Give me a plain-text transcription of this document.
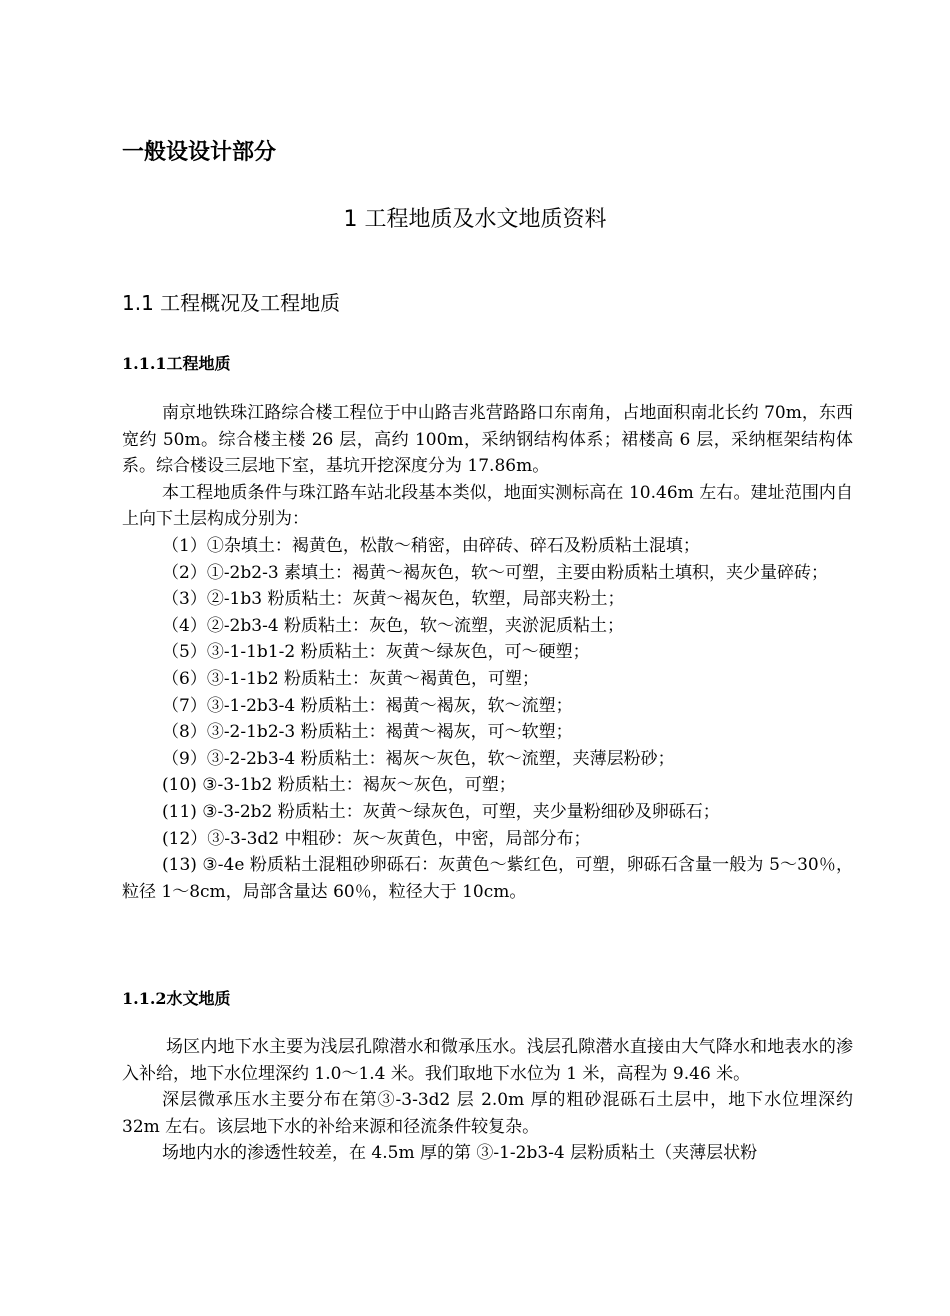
一般设设计部分
1 工程地质及水文地质资料
1.1 工程概况及工程地质
1.1.1工程地质

南京地铁珠江路综合楼工程位于中山路吉兆营路路口东南角，占地面积南北长约 70m，东西宽约 50m。综合楼主楼 26 层，高约 100m，采纳钢结构体系；裙楼高 6 层，采纳框架结构体系。综合楼设三层地下室，基坑开挖深度分为 17.86m。

本工程地质条件与珠江路车站北段基本类似，地面实测标高在 10.46m 左右。建址范围内自上向下土层构成分别为：

（1）①杂填土：褐黄色，松散～稍密，由碎砖、碎石及粉质粘土混填；

（2）①-2b2-3 素填土：褐黄～褐灰色，软～可塑，主要由粉质粘土填积，夹少量碎砖；

（3）②-1b3 粉质粘土：灰黄～褐灰色，软塑，局部夹粉土；

（4）②-2b3-4 粉质粘土：灰色，软～流塑，夹淤泥质粘土；

（5）③-1-1b1-2 粉质粘土：灰黄～绿灰色，可～硬塑；

（6）③-1-1b2 粉质粘土：灰黄～褐黄色，可塑；

（7）③-1-2b3-4 粉质粘土：褐黄～褐灰，软～流塑；

（8）③-2-1b2-3 粉质粘土：褐黄～褐灰，可～软塑；

（9）③-2-2b3-4 粉质粘土：褐灰～灰色，软～流塑，夹薄层粉砂；

(10) ③-3-1b2 粉质粘土：褐灰～灰色，可塑；

(11) ③-3-2b2 粉质粘土：灰黄～绿灰色，可塑，夹少量粉细砂及卵砾石；

(12）③-3-3d2 中粗砂：灰～灰黄色，中密，局部分布；

(13) ③-4e 粉质粘土混粗砂卵砾石：灰黄色～紫红色，可塑，卵砾石含量一般为 5～30％，粒径 1～8cm，局部含量达 60％，粒径大于 10cm。

1.1.2水文地质

场区内地下水主要为浅层孔隙潜水和微承压水。浅层孔隙潜水直接由大气降水和地表水的渗入补给，地下水位埋深约 1.0～1.4 米。我们取地下水位为 1 米，高程为 9.46 米。

深层微承压水主要分布在第③-3-3d2 层 2.0m 厚的粗砂混砾石土层中，地下水位埋深约 32m 左右。该层地下水的补给来源和径流条件较复杂。

场地内水的渗透性较差，在 4.5m 厚的第 ③-1-2b3-4 层粉质粘土（夹薄层状粉
